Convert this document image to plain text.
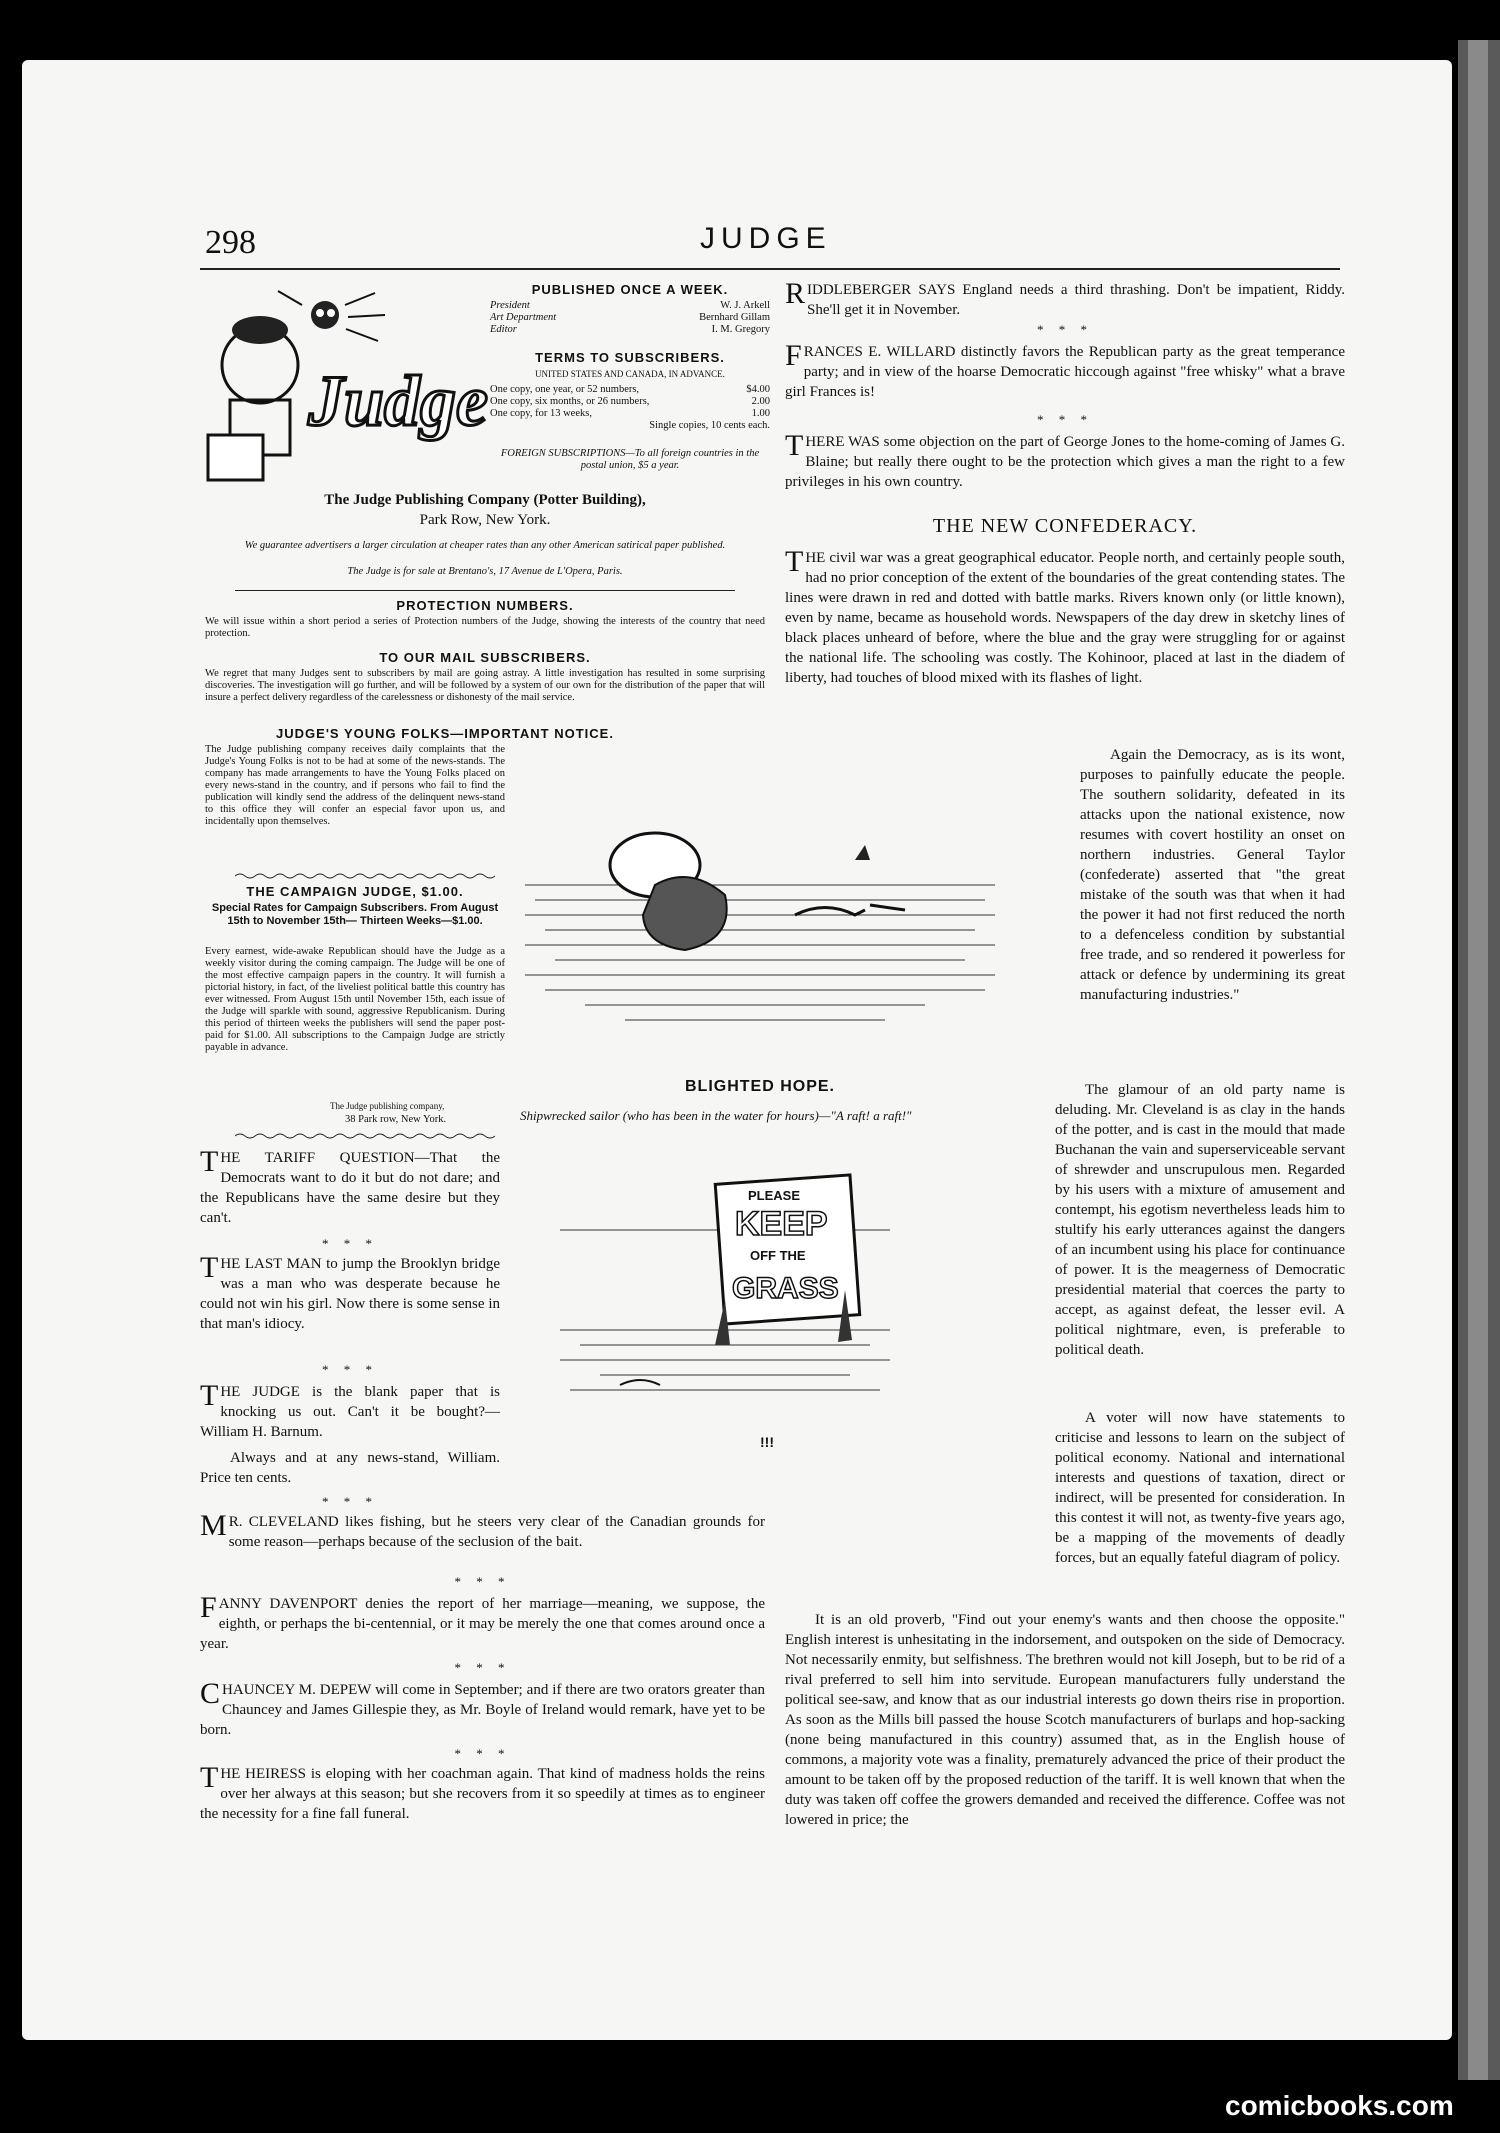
298	JUDGE
Judge
PUBLISHED ONCE A WEEK.
President	W. J. Arkell
Art Department	Bernhard Gillam
Editor	I. M. Gregory
TERMS TO SUBSCRIBERS.
UNITED STATES AND CANADA, IN ADVANCE.
One copy, one year, or 52 numbers,	$4.00
One copy, six months, or 26 numbers,	2.00
One copy, for 13 weeks,	1.00
Single copies, 10 cents each.
FOREIGN SUBSCRIPTIONS—To all foreign countries in the postal union, $5 a year.
The Judge Publishing Company (Potter Building),
Park Row, New York.
We guarantee advertisers a larger circulation at cheaper rates than any other American satirical paper published.
The Judge is for sale at Brentano's, 17 Avenue de L'Opera, Paris.
PROTECTION NUMBERS.
We will issue within a short period a series of Protection numbers of the Judge, showing the interests of the country that need protection.
TO OUR MAIL SUBSCRIBERS.
We regret that many Judges sent to subscribers by mail are going astray. A little investigation has resulted in some surprising discoveries. The investigation will go further, and will be followed by a system of our own for the distribution of the paper that will insure a perfect delivery regardless of the carelessness or dishonesty of the mail service.
JUDGE'S YOUNG FOLKS—IMPORTANT NOTICE.
The Judge publishing company receives daily complaints that the Judge's Young Folks is not to be had at some of the news-stands. The company has made arrangements to have the Young Folks placed on every news-stand in the country, and if persons who fail to find the publication will kindly send the address of the delinquent news-stand to this office they will confer an especial favor upon us, and incidentally upon themselves.
THE CAMPAIGN JUDGE, $1.00.
Special Rates for Campaign Subscribers. From August 15th to November 15th— Thirteen Weeks—$1.00.
Every earnest, wide-awake Republican should have the Judge as a weekly visitor during the coming campaign. The Judge will be one of the most effective campaign papers in the country. It will furnish a pictorial history, in fact, of the liveliest political battle this country has ever witnessed. From August 15th until November 15th, each issue of the Judge will sparkle with sound, aggressive Republicanism. During this period of thirteen weeks the publishers will send the paper post-paid for $1.00. All subscriptions to the Campaign Judge are strictly payable in advance.
The Judge publishing company,
38 Park row, New York.
THE TARIFF QUESTION—That the Democrats want to do it but do not dare; and the Republicans have the same desire but they can't.
* * *
THE LAST MAN to jump the Brooklyn bridge was a man who was desperate because he could not win his girl. Now there is some sense in that man's idiocy.
* * *
THE JUDGE is the blank paper that is knocking us out. Can't it be bought?— William H. Barnum.
Always and at any news-stand, William. Price ten cents.
* * *
BLIGHTED HOPE.
Shipwrecked sailor (who has been in the water for hours)—"A raft! a raft!"
PLEASE
KEEP
OFF THE
GRASS
!!!
RIDDLEBERGER SAYS England needs a third thrashing. Don't be impatient, Riddy. She'll get it in November.
* * *
FRANCES E. WILLARD distinctly favors the Republican party as the great temperance party; and in view of the hoarse Democratic hiccough against "free whisky" what a brave girl Frances is!
* * *
THERE WAS some objection on the part of George Jones to the home-coming of James G. Blaine; but really there ought to be the protection which gives a man the right to a few privileges in his own country.
THE NEW CONFEDERACY.
THE civil war was a great geographical educator. People north, and certainly people south, had no prior conception of the extent of the boundaries of the great contending states. The lines were drawn in red and dotted with battle marks. Rivers known only (or little known), even by name, became as household words. Newspapers of the day drew in sketchy lines of black places unheard of before, where the blue and the gray were struggling for or against the national life. The schooling was costly. The Kohinoor, placed at last in the diadem of liberty, had touches of blood mixed with its flashes of light.
Again the Democracy, as is its wont, purposes to painfully educate the people. The southern solidarity, defeated in its attacks upon the national existence, now resumes with covert hostility an onset on northern industries. General Taylor (confederate) asserted that "the great mistake of the south was that when it had the power it had not first reduced the north to a defenceless condition by substantial free trade, and so rendered it powerless for attack or defence by undermining its great manufacturing industries."
The glamour of an old party name is deluding. Mr. Cleveland is as clay in the hands of the potter, and is cast in the mould that made Buchanan the vain and superserviceable servant of shrewder and unscrupulous men. Regarded by his users with a mixture of amusement and contempt, his egotism nevertheless leads him to stultify his early utterances against the dangers of an incumbent using his place for continuance of power. It is the meagerness of Democratic presidential material that coerces the party to accept, as against defeat, the lesser evil. A political nightmare, even, is preferable to political death.
A voter will now have statements to criticise and lessons to learn on the subject of political economy. National and international interests and questions of taxation, direct or indirect, will be presented for consideration. In this contest it will not, as twenty-five years ago, be a mapping of the movements of deadly forces, but an equally fateful diagram of policy.
M R. CLEVELAND likes fishing, but he steers very clear of the Canadian grounds for some reason—perhaps because of the seclusion of the bait.
* * *
FANNY DAVENPORT denies the report of her marriage—meaning, we suppose, the eighth, or perhaps the bi-centennial, or it may be merely the one that comes around once a year.
* * *
CHAUNCEY M. DEPEW will come in September; and if there are two orators greater than Chauncey and James Gillespie they, as Mr. Boyle of Ireland would remark, have yet to be born.
* * *
THE HEIRESS is eloping with her coachman again. That kind of madness holds the reins over her always at this season; but she recovers from it so speedily at times as to engineer the necessity for a fine fall funeral.
It is an old proverb, "Find out your enemy's wants and then choose the opposite." English interest is unhesitating in the indorsement, and outspoken on the side of Democracy. Not necessarily enmity, but selfishness. The brethren would not kill Joseph, but to be rid of a rival preferred to sell him into servitude. European manufacturers fully understand the political see-saw, and know that as our industrial interests go down theirs rise in proportion. As soon as the Mills bill passed the house Scotch manufacturers of burlaps and hop-sacking (none being manufactured in this country) assumed that, as in the English house of commons, a majority vote was a finality, prematurely advanced the price of their product the amount to be taken off by the proposed reduction of the tariff. It is well known that when the duty was taken off coffee the growers demanded and received the difference. Coffee was not lowered in price; the
comicbooks.com
